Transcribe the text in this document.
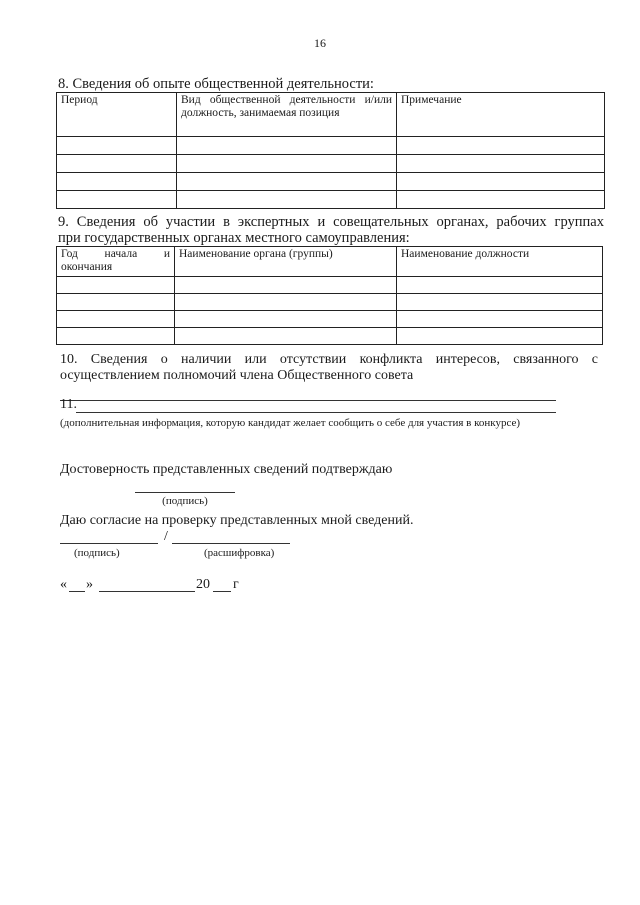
16
8. Сведения об опыте общественной деятельности:
Период	Вид общественной деятельности и/или должность, занимаемая позиция	Примечание

9. Сведения об участии в экспертных и совещательных органах, рабочих группах
при государственных органах местного самоуправления:
Год начала и окончания	Наименование органа (группы)	Наименование должности

10. Сведения о наличии или отсутствии конфликта интересов, связанного с
осуществлением полномочий члена Общественного совета
11.
(дополнительная информация, которую кандидат желает сообщить о себе для участия в конкурсе)
Достоверность представленных сведений подтверждаю
(подпись)
Даю согласие на проверку представленных мной сведений.
/
(подпись)	(расшифровка)
« »	20 г
